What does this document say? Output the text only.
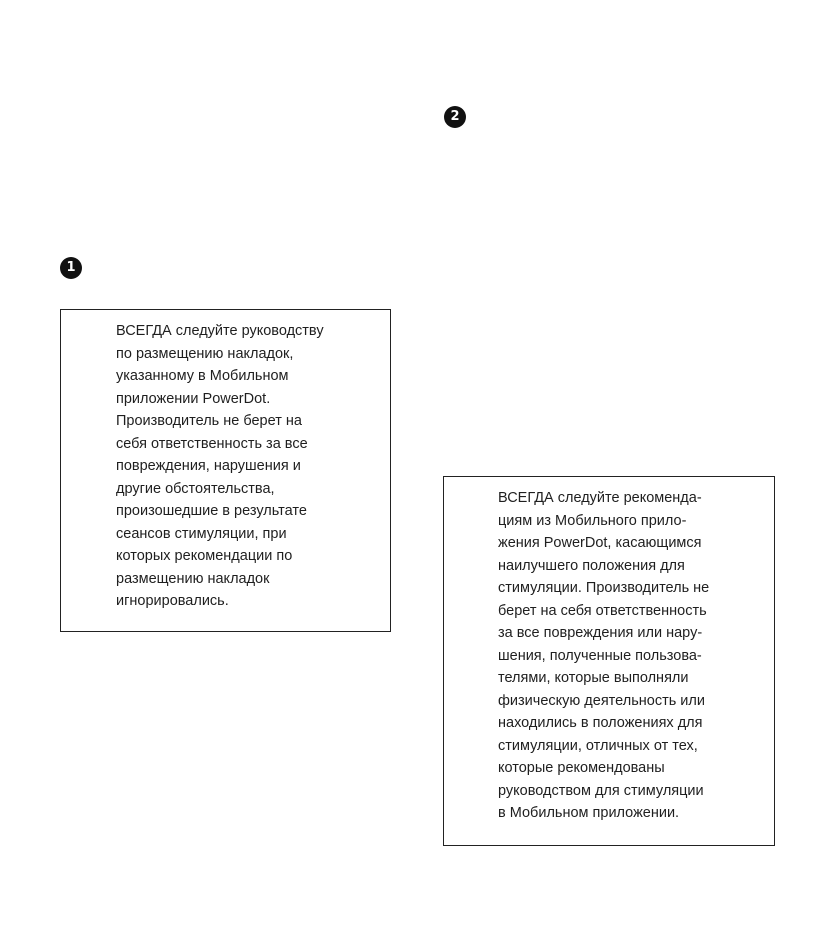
2
1

ВСЕГДА следуйте руководству
по размещению накладок,
указанному в Мобильном
приложении PowerDot.
Производитель не берет на
себя ответственность за все
повреждения, нарушения и
другие обстоятельства,
произошедшие в результате
сеансов стимуляции, при
которых рекомендации по
размещению накладок
игнорировались.

ВСЕГДА следуйте рекоменда-
циям из Мобильного прило-
жения PowerDot, касающимся
наилучшего положения для
стимуляции. Производитель не
берет на себя ответственность
за все повреждения или нару-
шения, полученные пользова-
телями, которые выполняли
физическую деятельность или
находились в положениях для
стимуляции, отличных от тех,
которые рекомендованы
руководством для стимуляции
в Мобильном приложении.
